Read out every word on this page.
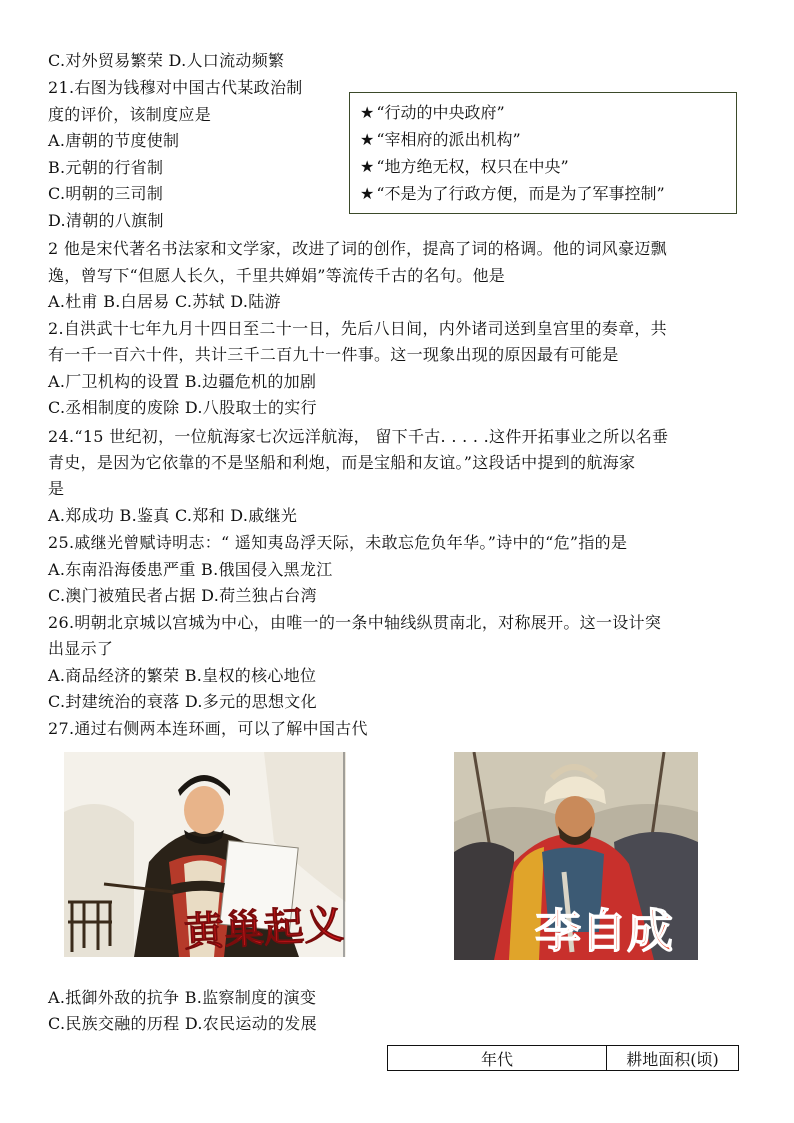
C.对外贸易繁荣 D.人口流动频繁
21.右图为钱穆对中国古代某政治制
度的评价，该制度应是
A.唐朝的节度使制
B.元朝的行省制
C.明朝的三司制
D.清朝的八旗制
★ “行动的中央政府”
★ “宰相府的派出机构”
★ “地方绝无权，权只在中央”
★ “不是为了行政方便，而是为了军事控制”
2 他是宋代著名书法家和文学家，改进了词的创作，提高了词的格调。他的词风豪迈飘
逸，曾写下“但愿人长久，千里共婵娟”等流传千古的名句。他是
A.杜甫 B.白居易 C.苏轼 D.陆游
2.自洪武十七年九月十四日至二十一日，先后八日间，内外诸司送到皇宫里的奏章，共
有一千一百六十件，共计三千二百九十一件事。这一现象出现的原因最有可能是
A.厂卫机构的设置 B.边疆危机的加剧
C.丞相制度的废除 D.八股取士的实行
24.“15 世纪初，一位航海家七次远洋航海， 留下千古. . . . .这件开拓事业之所以名垂
青史，是因为它依靠的不是坚船和利炮，而是宝船和友谊。”这段话中提到的航海家
是
A.郑成功 B.鉴真 C.郑和 D.戚继光
25.戚继光曾赋诗明志：“ 遥知夷岛浮天际，未敢忘危负年华。”诗中的“危”指的是
A.东南沿海倭患严重 B.俄国侵入黑龙江
C.澳门被殖民者占据 D.荷兰独占台湾
26.明朝北京城以宫城为中心，由唯一的一条中轴线纵贯南北，对称展开。这一设计突
出显示了
A.商品经济的繁荣 B.皇权的核心地位
C.封建统治的衰落 D.多元的思想文化
27.通过右侧两本连环画，可以了解中国古代
黄巢起义	李自成
A.抵御外敌的抗争 B.监察制度的演变
C.民族交融的历程 D.农民运动的发展
年代	耕地面积(顷)
